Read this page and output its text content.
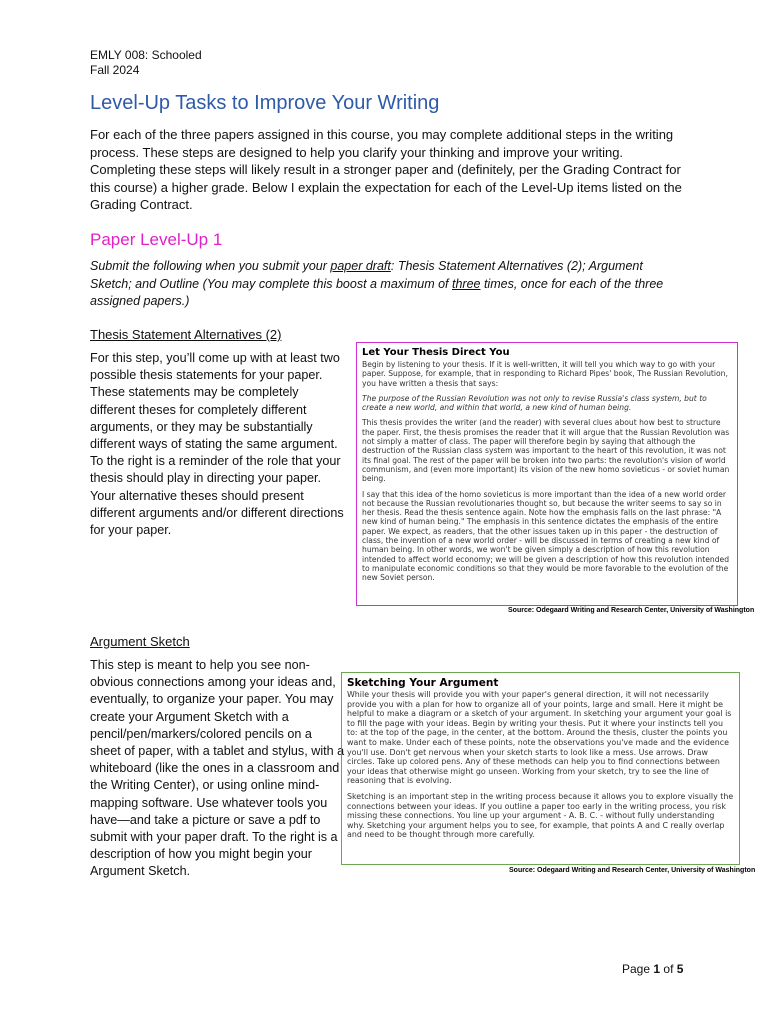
EMLY 008: Schooled
Fall 2024
Level-Up Tasks to Improve Your Writing

For each of the three papers assigned in this course, you may complete additional steps in the writing process. These steps are designed to help you clarify your thinking and improve your writing. Completing these steps will likely result in a stronger paper and (definitely, per the Grading Contract for this course) a higher grade. Below I explain the expectation for each of the Level-Up items listed on the Grading Contract.

Paper Level-Up 1

Submit the following when you submit your paper draft: Thesis Statement Alternatives (2); Argument Sketch; and Outline (You may complete this boost a maximum of three times, once for each of the three assigned papers.)

Thesis Statement Alternatives (2)

For this step, you’ll come up with at least two possible thesis statements for your paper. These statements may be completely different theses for completely different arguments, or they may be substantially different ways of stating the same argument. To the right is a reminder of the role that your thesis should play in directing your paper. Your alternative theses should present different arguments and/or different directions for your paper.

Let Your Thesis Direct You

Begin by listening to your thesis. If it is well-written, it will tell you which way to go with your paper. Suppose, for example, that in responding to Richard Pipes' book, The Russian Revolution, you have written a thesis that says:

The purpose of the Russian Revolution was not only to revise Russia's class system, but to create a new world, and within that world, a new kind of human being.

This thesis provides the writer (and the reader) with several clues about how best to structure the paper. First, the thesis promises the reader that it will argue that the Russian Revolution was not simply a matter of class. The paper will therefore begin by saying that although the destruction of the Russian class system was important to the heart of this revolution, it was not its final goal. The rest of the paper will be broken into two parts: the revolution's vision of world communism, and (even more important) its vision of the new homo sovieticus - or soviet human being.

I say that this idea of the homo sovieticus is more important than the idea of a new world order not because the Russian revolutionaries thought so, but because the writer seems to say so in her thesis. Read the thesis sentence again. Note how the emphasis falls on the last phrase: "A new kind of human being." The emphasis in this sentence dictates the emphasis of the entire paper. We expect, as readers, that the other issues taken up in this paper - the destruction of class, the invention of a new world order - will be discussed in terms of creating a new kind of human being. In other words, we won't be given simply a description of how this revolution intended to affect world economy; we will be given a description of how this revolution intended to manipulate economic conditions so that they would be more favorable to the evolution of the new Soviet person.

Source: Odegaard Writing and Research Center, University of Washington
Argument Sketch

This step is meant to help you see non-obvious connections among your ideas and, eventually, to organize your paper. You may create your Argument Sketch with a pencil/pen/markers/colored pencils on a sheet of paper, with a tablet and stylus, with a whiteboard (like the ones in a classroom and the Writing Center), or using online mind-mapping software. Use whatever tools you have—and take a picture or save a pdf to submit with your paper draft. To the right is a description of how you might begin your Argument Sketch.

Sketching Your Argument

While your thesis will provide you with your paper's general direction, it will not necessarily provide you with a plan for how to organize all of your points, large and small. Here it might be helpful to make a diagram or a sketch of your argument. In sketching your argument your goal is to fill the page with your ideas. Begin by writing your thesis. Put it where your instincts tell you to: at the top of the page, in the center, at the bottom. Around the thesis, cluster the points you want to make. Under each of these points, note the observations you've made and the evidence you'll use. Don't get nervous when your sketch starts to look like a mess. Use arrows. Draw circles. Take up colored pens. Any of these methods can help you to find connections between your ideas that otherwise might go unseen. Working from your sketch, try to see the line of reasoning that is evolving.

Sketching is an important step in the writing process because it allows you to explore visually the connections between your ideas. If you outline a paper too early in the writing process, you risk missing these connections. You line up your argument - A. B. C. - without fully understanding why. Sketching your argument helps you to see, for example, that points A and C really overlap and need to be thought through more carefully.

Source: Odegaard Writing and Research Center, University of Washington
Page 1 of 5
